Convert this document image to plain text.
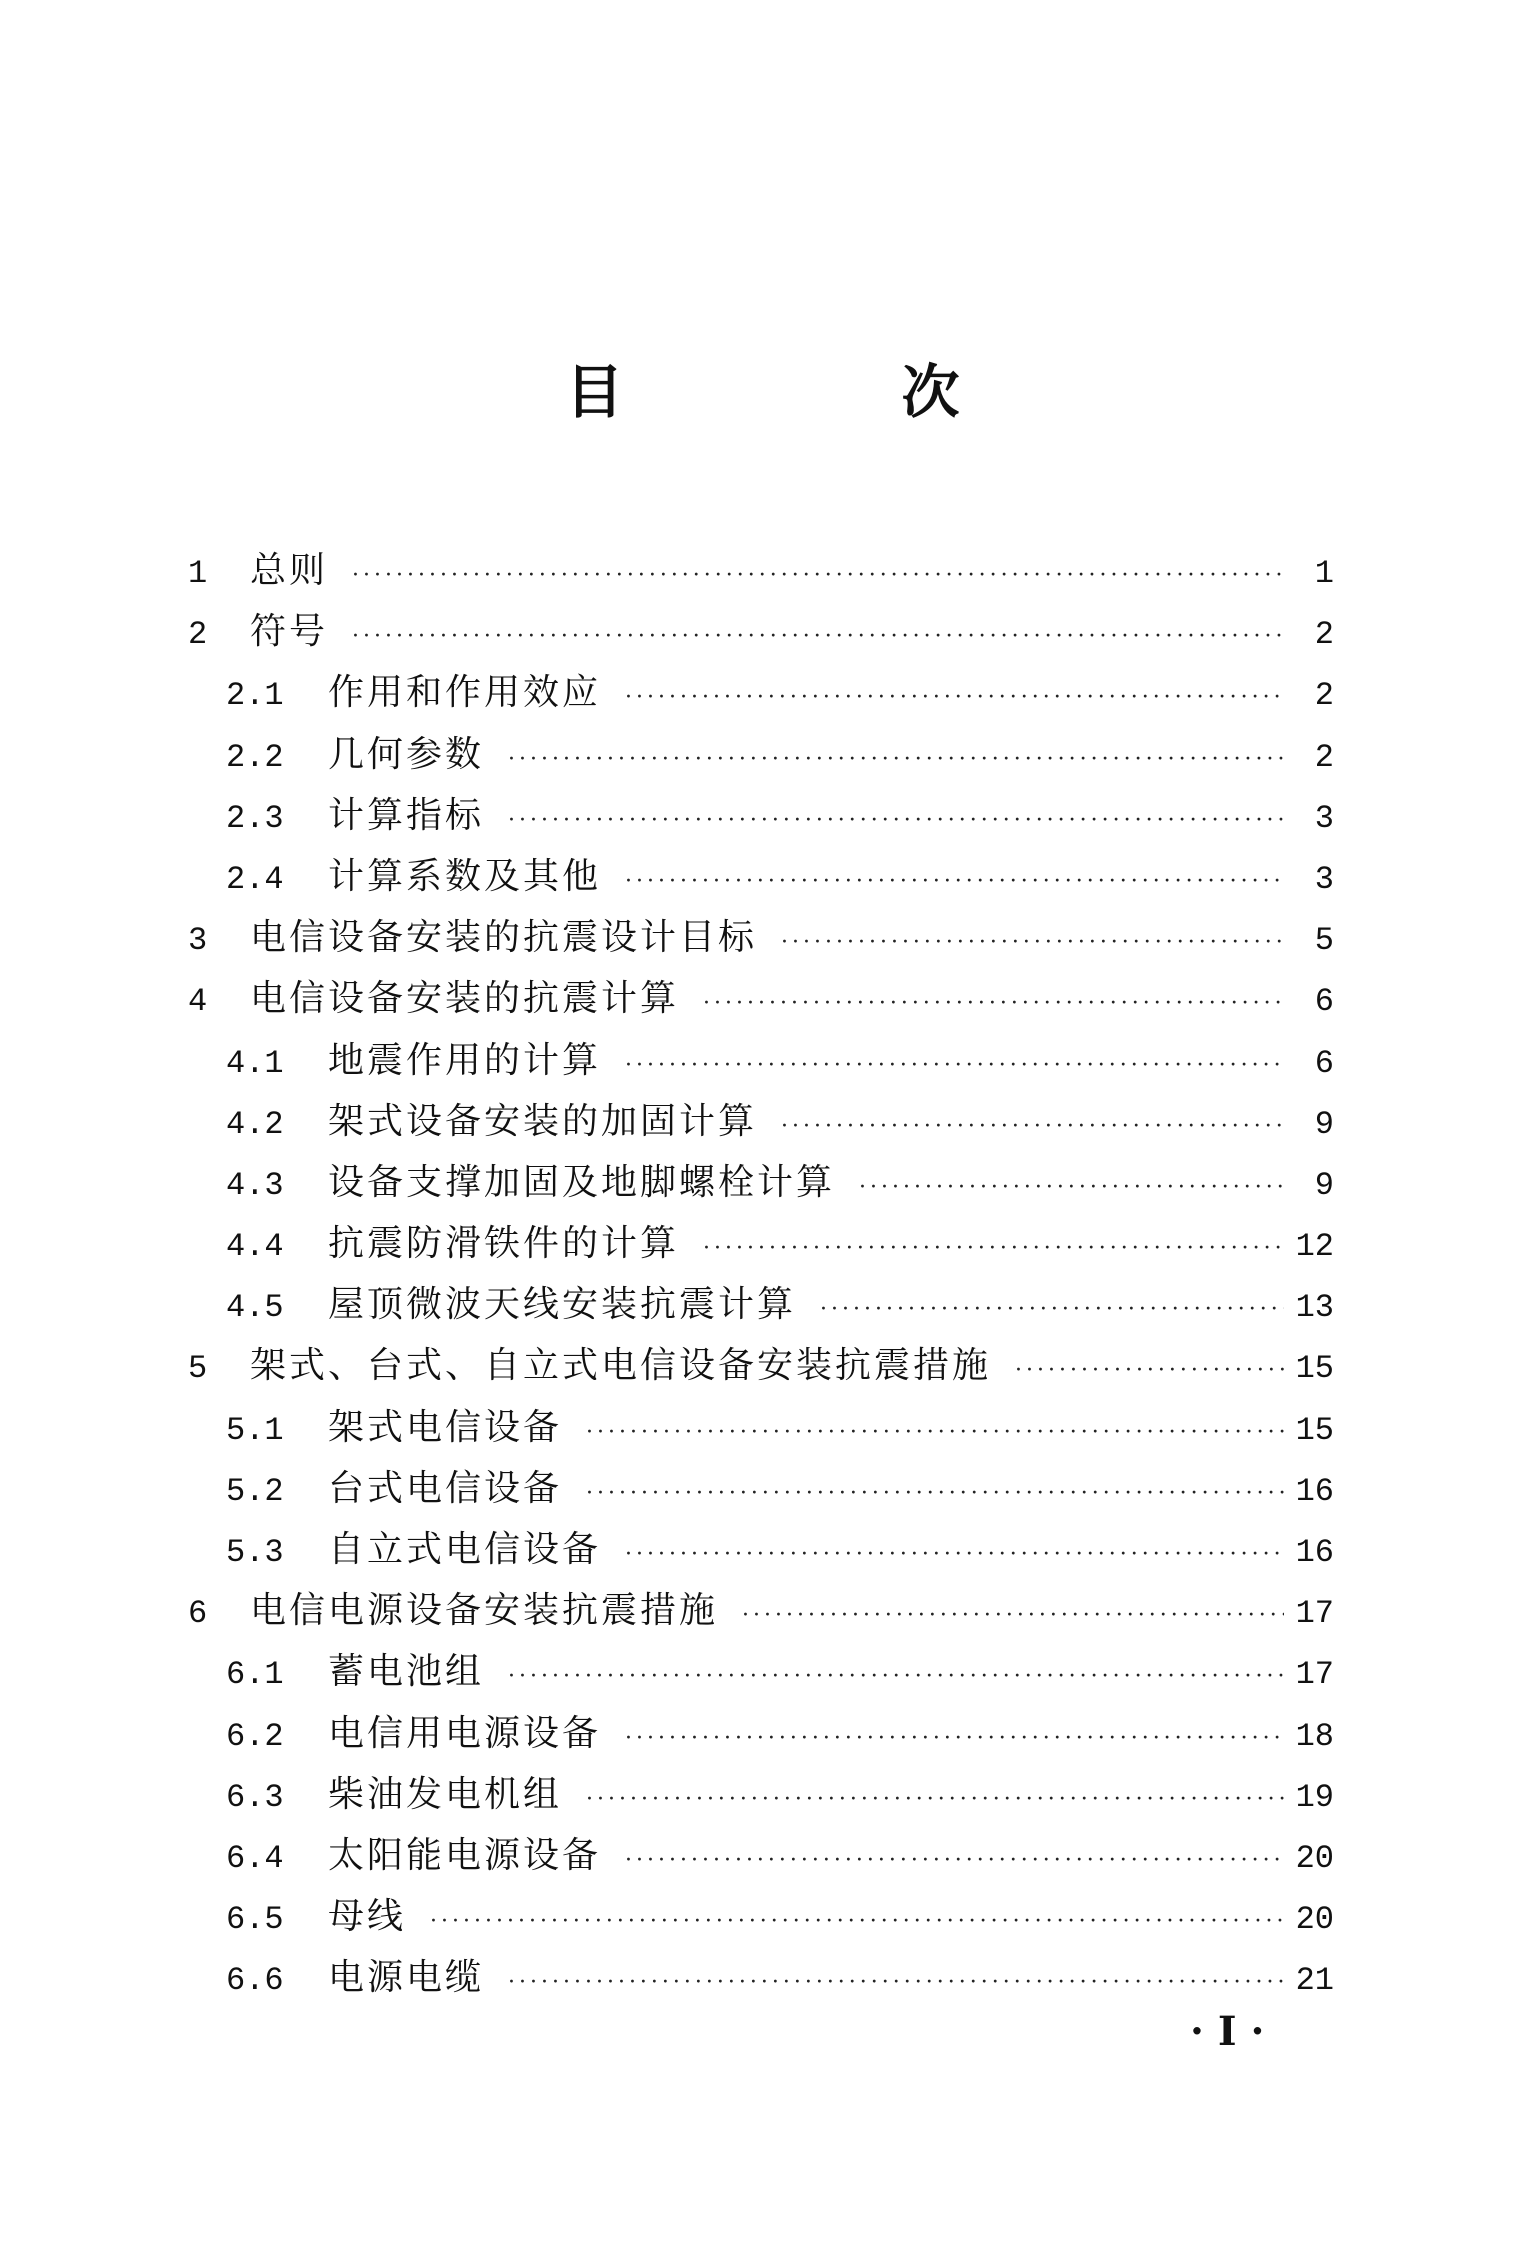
目　次
1	总则 ·····	1
2	符号 ·····	2
2.1	作用和作用效应 ·····	2
2.2	几何参数 ·····	2
2.3	计算指标 ·····	3
2.4	计算系数及其他 ·····	3
3	电信设备安装的抗震设计目标 ·····	5
4	电信设备安装的抗震计算 ·····	6
4.1	地震作用的计算 ·····	6
4.2	架式设备安装的加固计算 ·····	9
4.3	设备支撑加固及地脚螺栓计算 ·····	9
4.4	抗震防滑铁件的计算 ·····	12
4.5	屋顶微波天线安装抗震计算 ·····	13
5	架式、台式、自立式电信设备安装抗震措施 ·····	15
5.1	架式电信设备 ·····	15
5.2	台式电信设备 ·····	16
5.3	自立式电信设备 ·····	16
6	电信电源设备安装抗震措施 ·····	17
6.1	蓄电池组 ·····	17
6.2	电信用电源设备 ·····	18
6.3	柴油发电机组 ·····	19
6.4	太阳能电源设备 ·····	20
6.5	母线 ·····	20
6.6	电源电缆 ·····	21
· I ·
